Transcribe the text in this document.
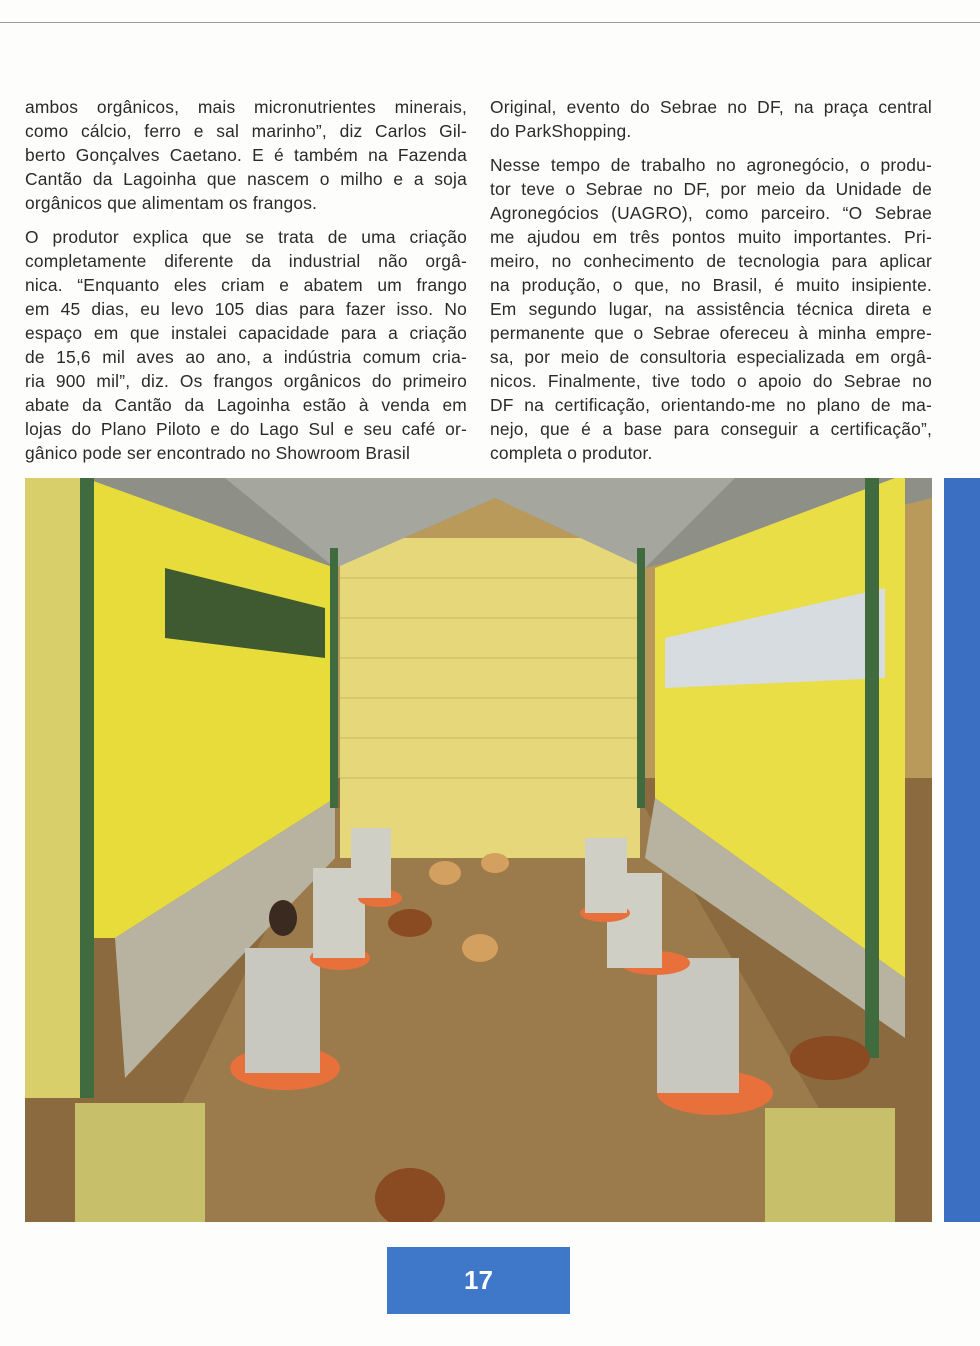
ambos orgânicos, mais micronutrientes minerais,
como cálcio, ferro e sal marinho”, diz Carlos Gil-
berto Gonçalves Caetano. E é também na Fazenda
Cantão da Lagoinha que nascem o milho e a soja
orgânicos que alimentam os frangos.
O produtor explica que se trata de uma criação
completamente diferente da industrial não orgâ-
nica. “Enquanto eles criam e abatem um frango
em 45 dias, eu levo 105 dias para fazer isso. No
espaço em que instalei capacidade para a criação
de 15,6 mil aves ao ano, a indústria comum cria-
ria 900 mil”, diz. Os frangos orgânicos do primeiro
abate da Cantão da Lagoinha estão à venda em
lojas do Plano Piloto e do Lago Sul e seu café or-
gânico pode ser encontrado no Showroom Brasil
Original, evento do Sebrae no DF, na praça central
do ParkShopping.
Nesse tempo de trabalho no agronegócio, o produ-
tor teve o Sebrae no DF, por meio da Unidade de
Agronegócios (UAGRO), como parceiro. “O Sebrae
me ajudou em três pontos muito importantes. Pri-
meiro, no conhecimento de tecnologia para aplicar
na produção, o que, no Brasil, é muito insipiente.
Em segundo lugar, na assistência técnica direta e
permanente que o Sebrae ofereceu à minha empre-
sa, por meio de consultoria especializada em orgâ-
nicos. Finalmente, tive todo o apoio do Sebrae no
DF na certificação, orientando-me no plano de ma-
nejo, que é a base para conseguir a certificação”,
completa o produtor.
17
